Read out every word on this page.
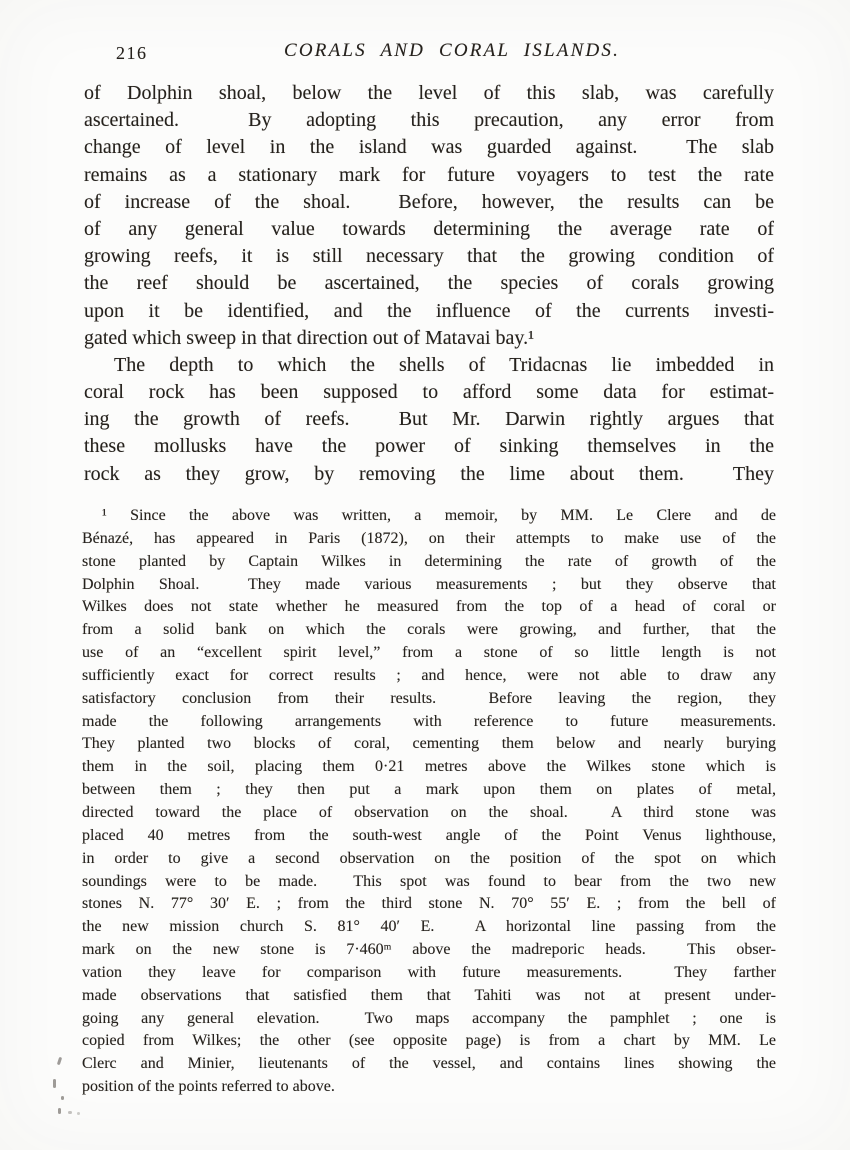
216	CORALS AND CORAL ISLANDS.
of Dolphin shoal, below the level of this slab, was carefully
ascertained.  By adopting this precaution, any error from
change of level in the island was guarded against.  The slab
remains as a stationary mark for future voyagers to test the rate
of increase of the shoal.  Before, however, the results can be
of any general value towards determining the average rate of
growing reefs, it is still necessary that the growing condition of
the reef should be ascertained, the species of corals growing
upon it be identified, and the influence of the currents investi-
gated which sweep in that direction out of Matavai bay.¹
The depth to which the shells of Tridacnas lie imbedded in
coral rock has been supposed to afford some data for estimat-
ing the growth of reefs.  But Mr. Darwin rightly argues that
these mollusks have the power of sinking themselves in the
rock as they grow, by removing the lime about them.  They
¹ Since the above was written, a memoir, by MM. Le Clere and de
Bénazé, has appeared in Paris (1872), on their attempts to make use of the
stone planted by Captain Wilkes in determining the rate of growth of the
Dolphin Shoal.  They made various measurements ; but they observe that
Wilkes does not state whether he measured from the top of a head of coral or
from a solid bank on which the corals were growing, and further, that the
use of an “excellent spirit level,” from a stone of so little length is not
sufficiently exact for correct results ; and hence, were not able to draw any
satisfactory conclusion from their results.  Before leaving the region, they
made the following arrangements with reference to future measurements.
They planted two blocks of coral, cementing them below and nearly burying
them in the soil, placing them 0·21 metres above the Wilkes stone which is
between them ; they then put a mark upon them on plates of metal,
directed toward the place of observation on the shoal.  A third stone was
placed 40 metres from the south-west angle of the Point Venus lighthouse,
in order to give a second observation on the position of the spot on which
soundings were to be made.  This spot was found to bear from the two new
stones N. 77° 30′ E. ; from the third stone N. 70° 55′ E. ; from the bell of
the new mission church S. 81° 40′ E.  A horizontal line passing from the
mark on the new stone is 7·460ᵐ above the madreporic heads.  This obser-
vation they leave for comparison with future measurements.  They farther
made observations that satisfied them that Tahiti was not at present under-
going any general elevation.  Two maps accompany the pamphlet ; one is
copied from Wilkes; the other (see opposite page) is from a chart by MM. Le
Clerc and Minier, lieutenants of the vessel, and contains lines showing the
position of the points referred to above.
